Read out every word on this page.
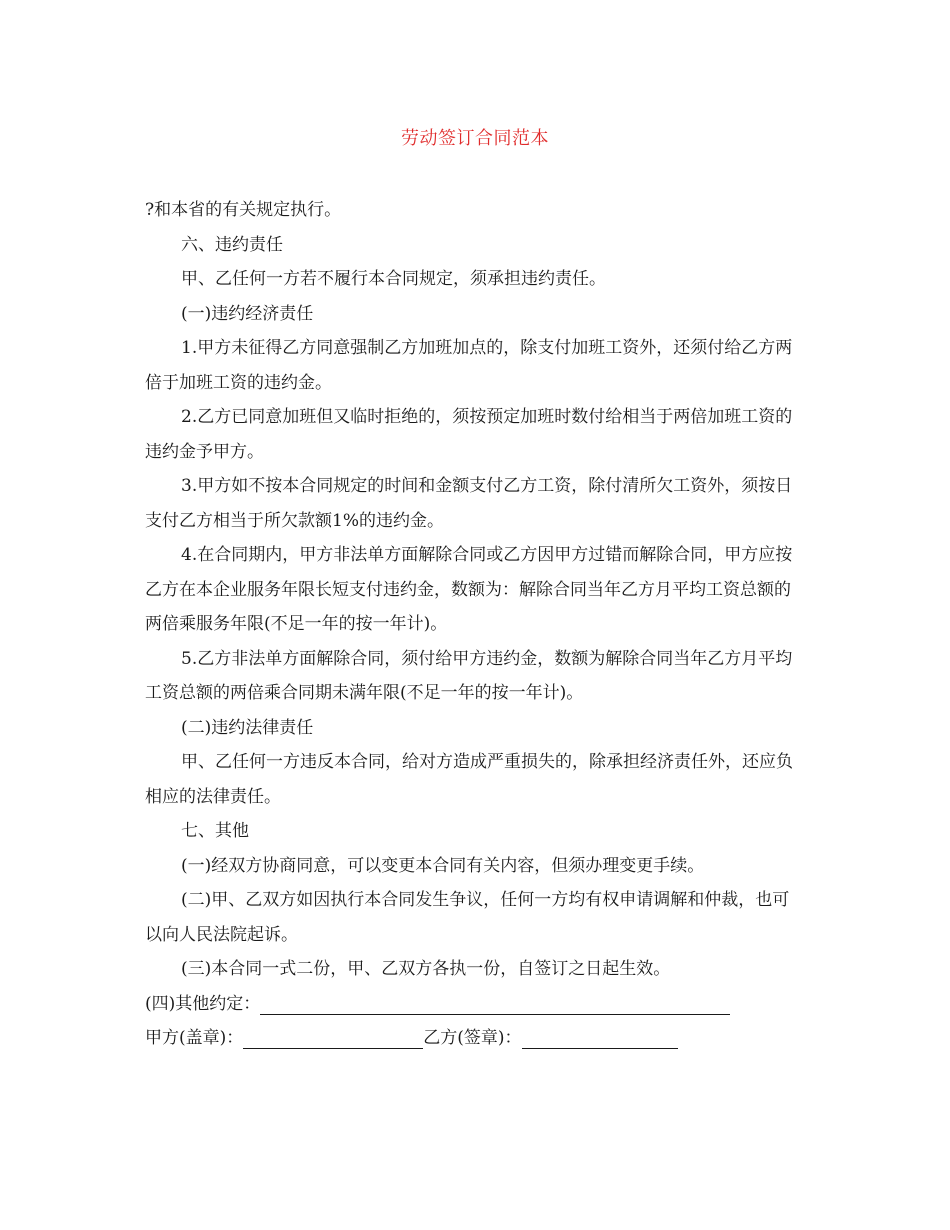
劳动签订合同范本

?和本省的有关规定执行。

六、违约责任

甲、乙任何一方若不履行本合同规定，须承担违约责任。

(一)违约经济责任

1.甲方未征得乙方同意强制乙方加班加点的，除支付加班工资外，还须付给乙方两倍于加班工资的违约金。

2.乙方已同意加班但又临时拒绝的，须按预定加班时数付给相当于两倍加班工资的违约金予甲方。

3.甲方如不按本合同规定的时间和金额支付乙方工资，除付清所欠工资外，须按日支付乙方相当于所欠款额1%的违约金。

4.在合同期内，甲方非法单方面解除合同或乙方因甲方过错而解除合同，甲方应按乙方在本企业服务年限长短支付违约金，数额为：解除合同当年乙方月平均工资总额的两倍乘服务年限(不足一年的按一年计)。

5.乙方非法单方面解除合同，须付给甲方违约金，数额为解除合同当年乙方月平均工资总额的两倍乘合同期未满年限(不足一年的按一年计)。

(二)违约法律责任

甲、乙任何一方违反本合同，给对方造成严重损失的，除承担经济责任外，还应负相应的法律责任。

七、其他

(一)经双方协商同意，可以变更本合同有关内容，但须办理变更手续。

(二)甲、乙双方如因执行本合同发生争议，任何一方均有权申请调解和仲裁，也可以向人民法院起诉。

(三)本合同一式二份，甲、乙双方各执一份，自签订之日起生效。

(四)其他约定：

甲方(盖章)：	乙方(签章)：
